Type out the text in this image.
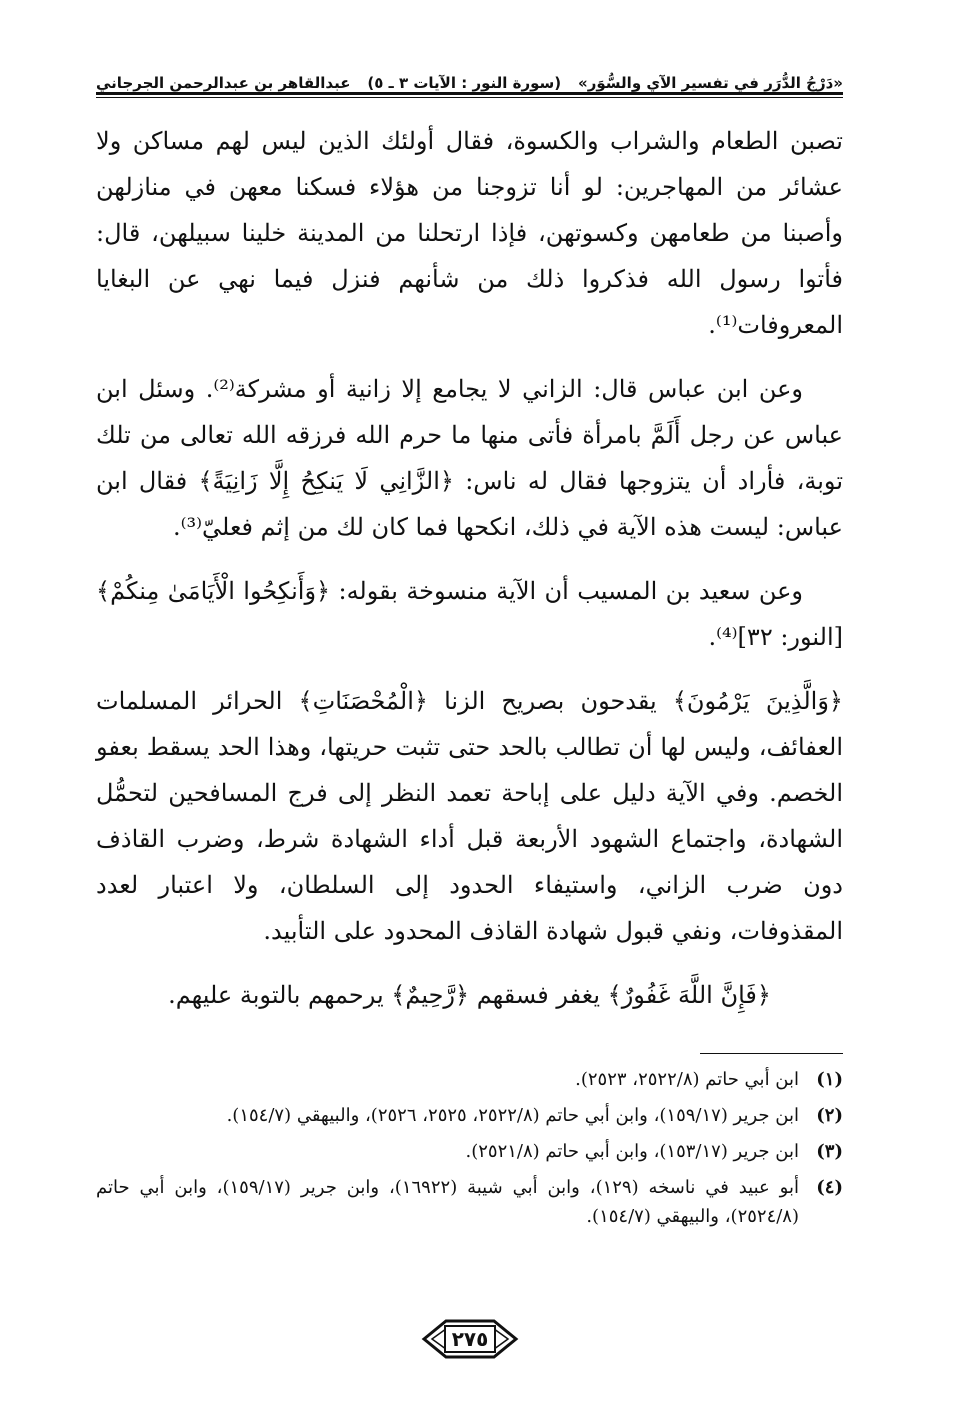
«دَرْجُ الدُّرَرِ في تفسير الآيِ والسُّوَر»
(سورة النور : الآيات ٣ ـ ٥)
عبدالقاهر بن عبدالرحمن الجرجاني

تصبن الطعام والشراب والكسوة، فقال أولئك الذين ليس لهم مساكن ولا عشائر من المهاجرين: لو أنا تزوجنا من هؤلاء فسكنا معهن في منازلهن وأصبنا من طعامهن وكسوتهن، فإذا ارتحلنا من المدينة خلينا سبيلهن، قال: فأتوا رسول الله فذكروا ذلك من شأنهم فنزل فيما نهي عن البغايا المعروفات⁽¹⁾.

وعن ابن عباس قال: الزاني لا يجامع إلا زانية أو مشركة⁽²⁾. وسئل ابن عباس عن رجل أَلَمَّ بامرأة فأتى منها ما حرم الله فرزقه الله تعالى من تلك توبة، فأراد أن يتزوجها فقال له ناس: ﴿الزَّانِي لَا يَنكِحُ إِلَّا زَانِيَةً﴾ فقال ابن عباس: ليست هذه الآية في ذلك، انكحها فما كان لك من إثم فعليّ⁽³⁾.

وعن سعيد بن المسيب أن الآية منسوخة بقوله: ﴿وَأَنكِحُوا الْأَيَامَىٰ مِنكُمْ﴾ [النور: ٣٢]⁽⁴⁾.

﴿وَالَّذِينَ يَرْمُونَ﴾ يقدحون بصريح الزنا ﴿الْمُحْصَنَاتِ﴾ الحرائر المسلمات العفائف، وليس لها أن تطالب بالحد حتى تثبت حريتها، وهذا الحد يسقط بعفو الخصم. وفي الآية دليل على إباحة تعمد النظر إلى فرج المسافحين لتحمُّل الشهادة، واجتماع الشهود الأربعة قبل أداء الشهادة شرط، وضرب القاذف دون ضرب الزاني، واستيفاء الحدود إلى السلطان، ولا اعتبار لعدد المقذوفات، ونفي قبول شهادة القاذف المحدود على التأبيد.

﴿فَإِنَّ اللَّهَ غَفُورٌ﴾ يغفر فسقهم ﴿رَّحِيمٌ﴾ يرحمهم بالتوبة عليهم.

(١)
ابن أبي حاتم (٢٥٢٢/٨، ٢٥٢٣).
(٢)
ابن جرير (١٥٩/١٧)، وابن أبي حاتم (٢٥٢٢/٨، ٢٥٢٥، ٢٥٢٦)، والبيهقي (١٥٤/٧).
(٣)
ابن جرير (١٥٣/١٧)، وابن أبي حاتم (٢٥٢١/٨).
(٤)
أبو عبيد في ناسخه (١٢٩)، وابن أبي شيبة (١٦٩٢٢)، وابن جرير (١٥٩/١٧)، وابن أبي حاتم (٢٥٢٤/٨)، والبيهقي (١٥٤/٧).
٢٧٥
